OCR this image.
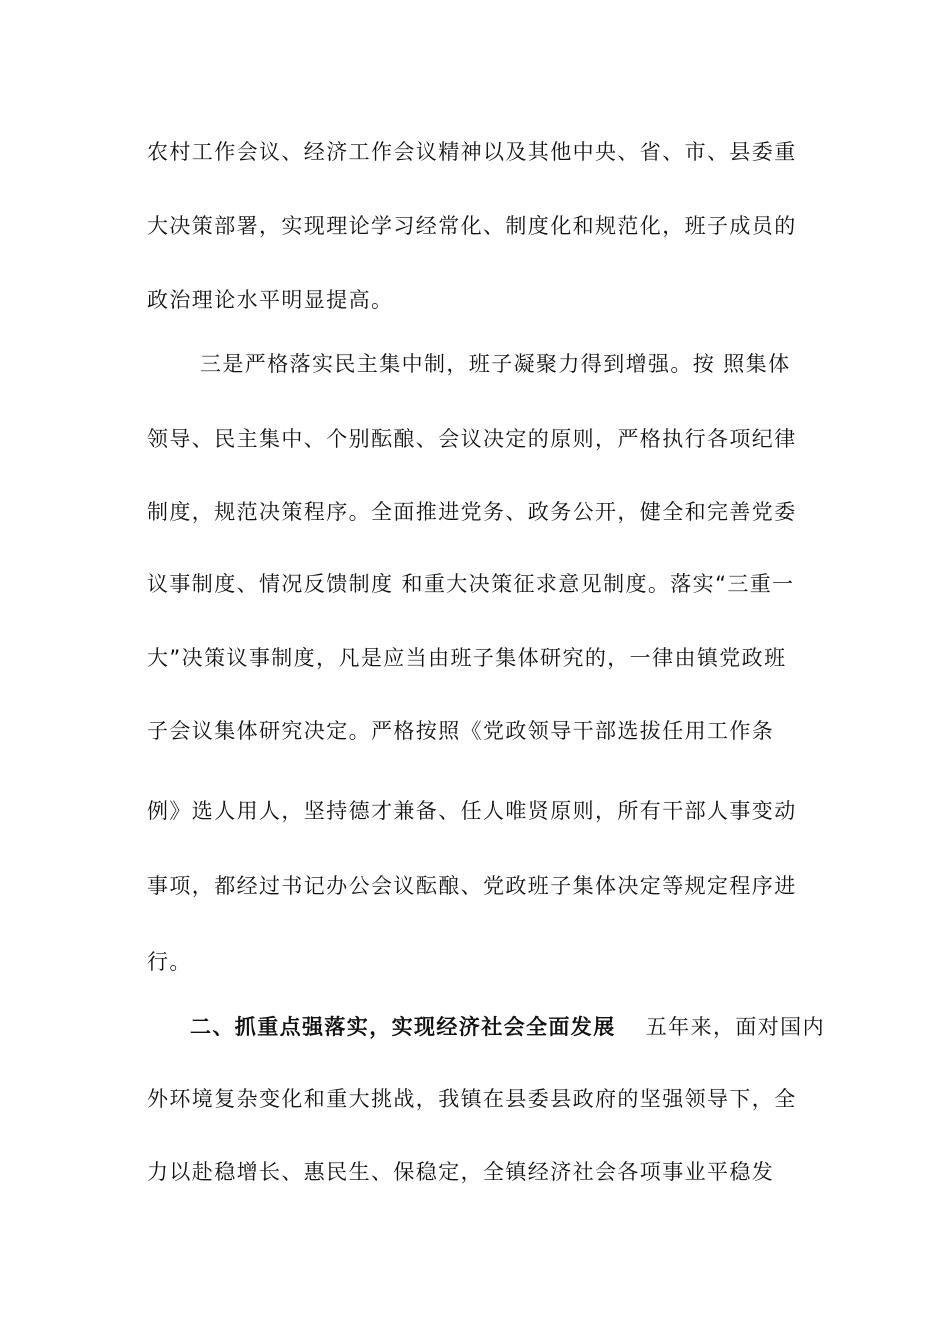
农村工作会议、经济工作会议精神以及其他中央、省、市、县委重
大决策部署，实现理论学习经常化、制度化和规范化，班子成员的
政治理论水平明显提高。
三是严格落实民主集中制，班子凝聚力得到增强。按 照集体
领导、民主集中、个别酝酿、会议决定的原则，严格执行各项纪律
制度，规范决策程序。全面推进党务、政务公开，健全和完善党委
议事制度、情况反馈制度 和重大决策征求意见制度。落实“三重一
大”决策议事制度，凡是应当由班子集体研究的，一律由镇党政班
子会议集体研究决定。严格按照《党政领导干部选拔任用工作条
例》选人用人，坚持德才兼备、任人唯贤原则，所有干部人事变动
事项，都经过书记办公会议酝酿、党政班子集体决定等规定程序进
行。
二、抓重点强落实，实现经济社会全面发展 五年来，面对国内
外环境复杂变化和重大挑战，我镇在县委县政府的坚强领导下，全
力以赴稳增长、惠民生、保稳定，全镇经济社会各项事业平稳发
